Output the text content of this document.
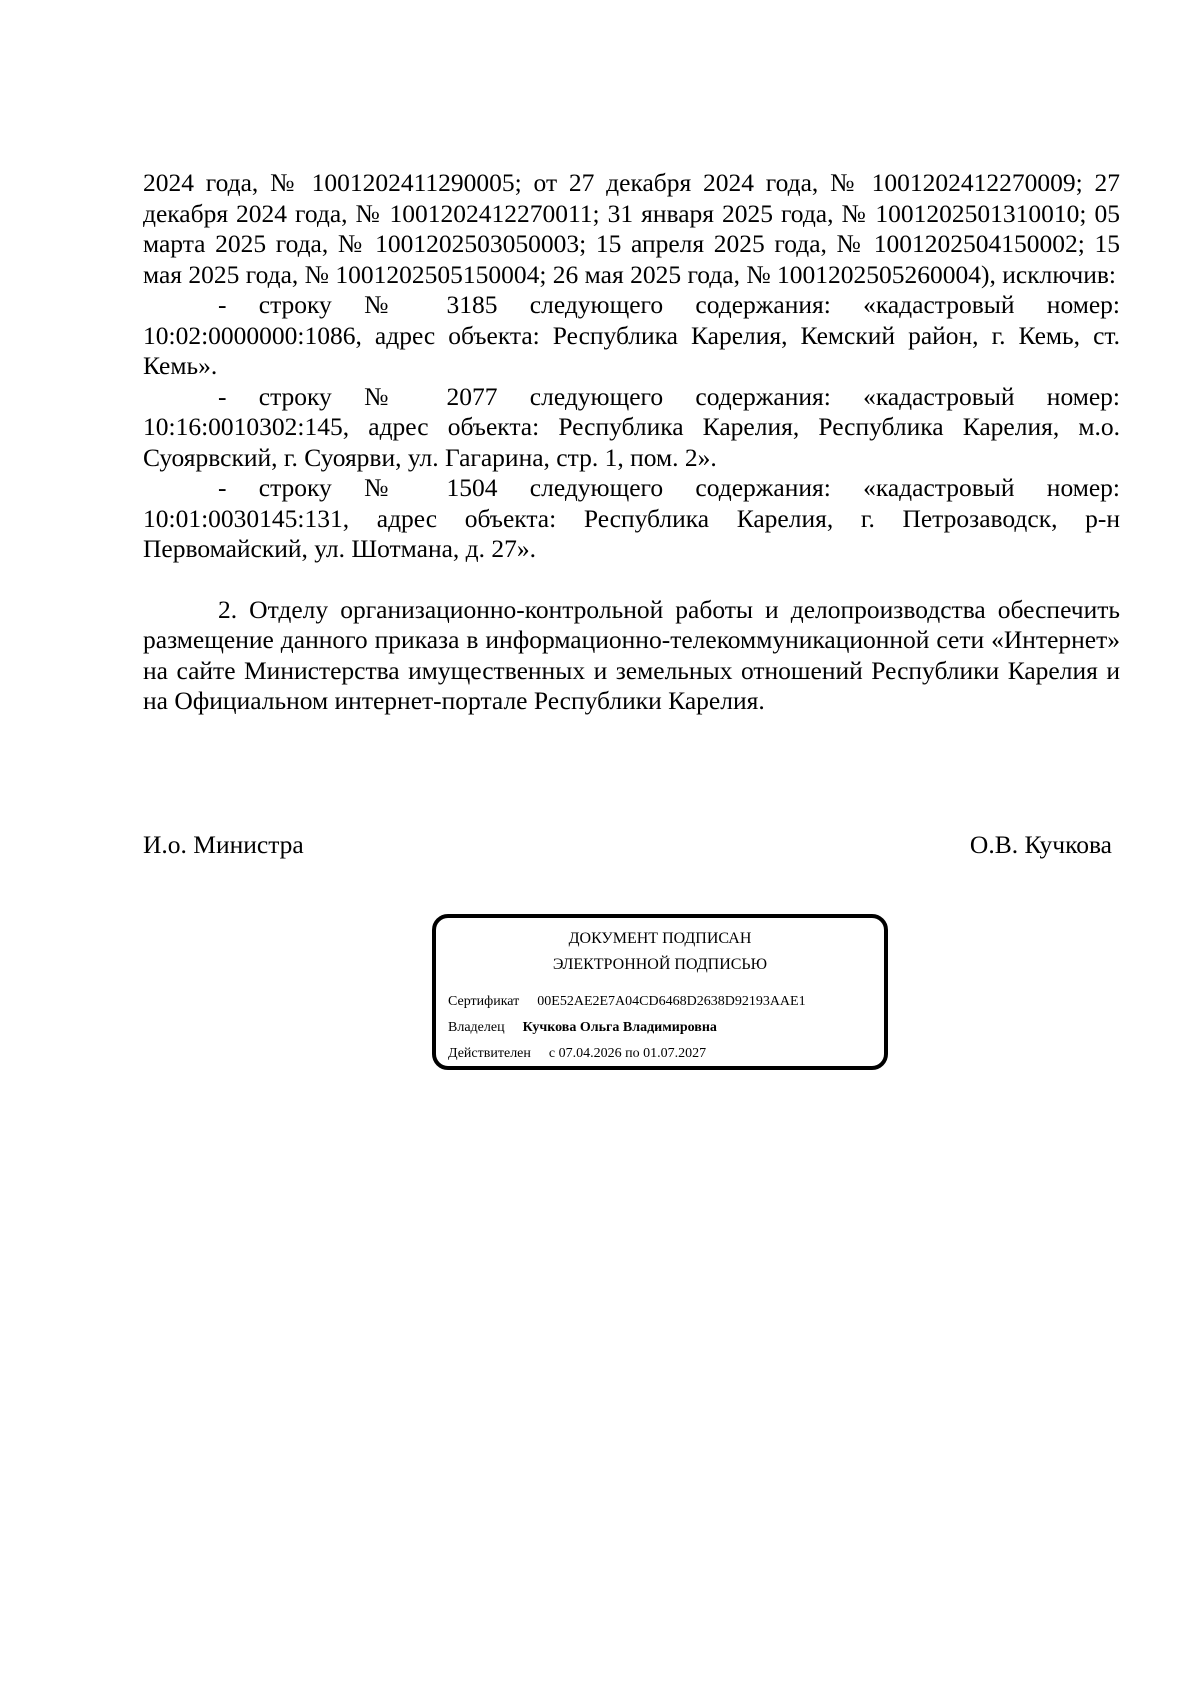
2024 года, № 1001202411290005; от 27 декабря 2024 года, № 1001202412270009; 27 декабря 2024 года, № 1001202412270011; 31 января 2025 года, № 1001202501310010; 05 марта 2025 года, № 1001202503050003; 15 апреля 2025 года, № 1001202504150002; 15 мая 2025 года, № 1001202505150004; 26 мая 2025 года, № 1001202505260004), исключив:

- строку № 3185 следующего содержания: «кадастровый номер: 10:02:0000000:1086, адрес объекта: Республика Карелия, Кемский район, г. Кемь, ст. Кемь».

- строку № 2077 следующего содержания: «кадастровый номер: 10:16:0010302:145, адрес объекта: Республика Карелия, Республика Карелия, м.о. Суоярвский, г. Суоярви, ул. Гагарина, стр. 1, пом. 2».

- строку № 1504 следующего содержания: «кадастровый номер: 10:01:0030145:131, адрес объекта: Республика Карелия, г. Петрозаводск, р-н Первомайский, ул. Шотмана, д. 27».

2. Отделу организационно-контрольной работы и делопроизводства обеспечить размещение данного приказа в информационно-телекоммуникационной сети «Интернет» на сайте Министерства имущественных и земельных отношений Республики Карелия и на Официальном интернет-портале Республики Карелия.

И.о. Министра	О.В. Кучкова
ДОКУМЕНТ ПОДПИСАН
ЭЛЕКТРОННОЙ ПОДПИСЬЮ
Сертификат 00E52AE2E7A04CD6468D2638D92193AAE1
Владелец Кучкова Ольга Владимировна
Действителен с 07.04.2026 по 01.07.2027
